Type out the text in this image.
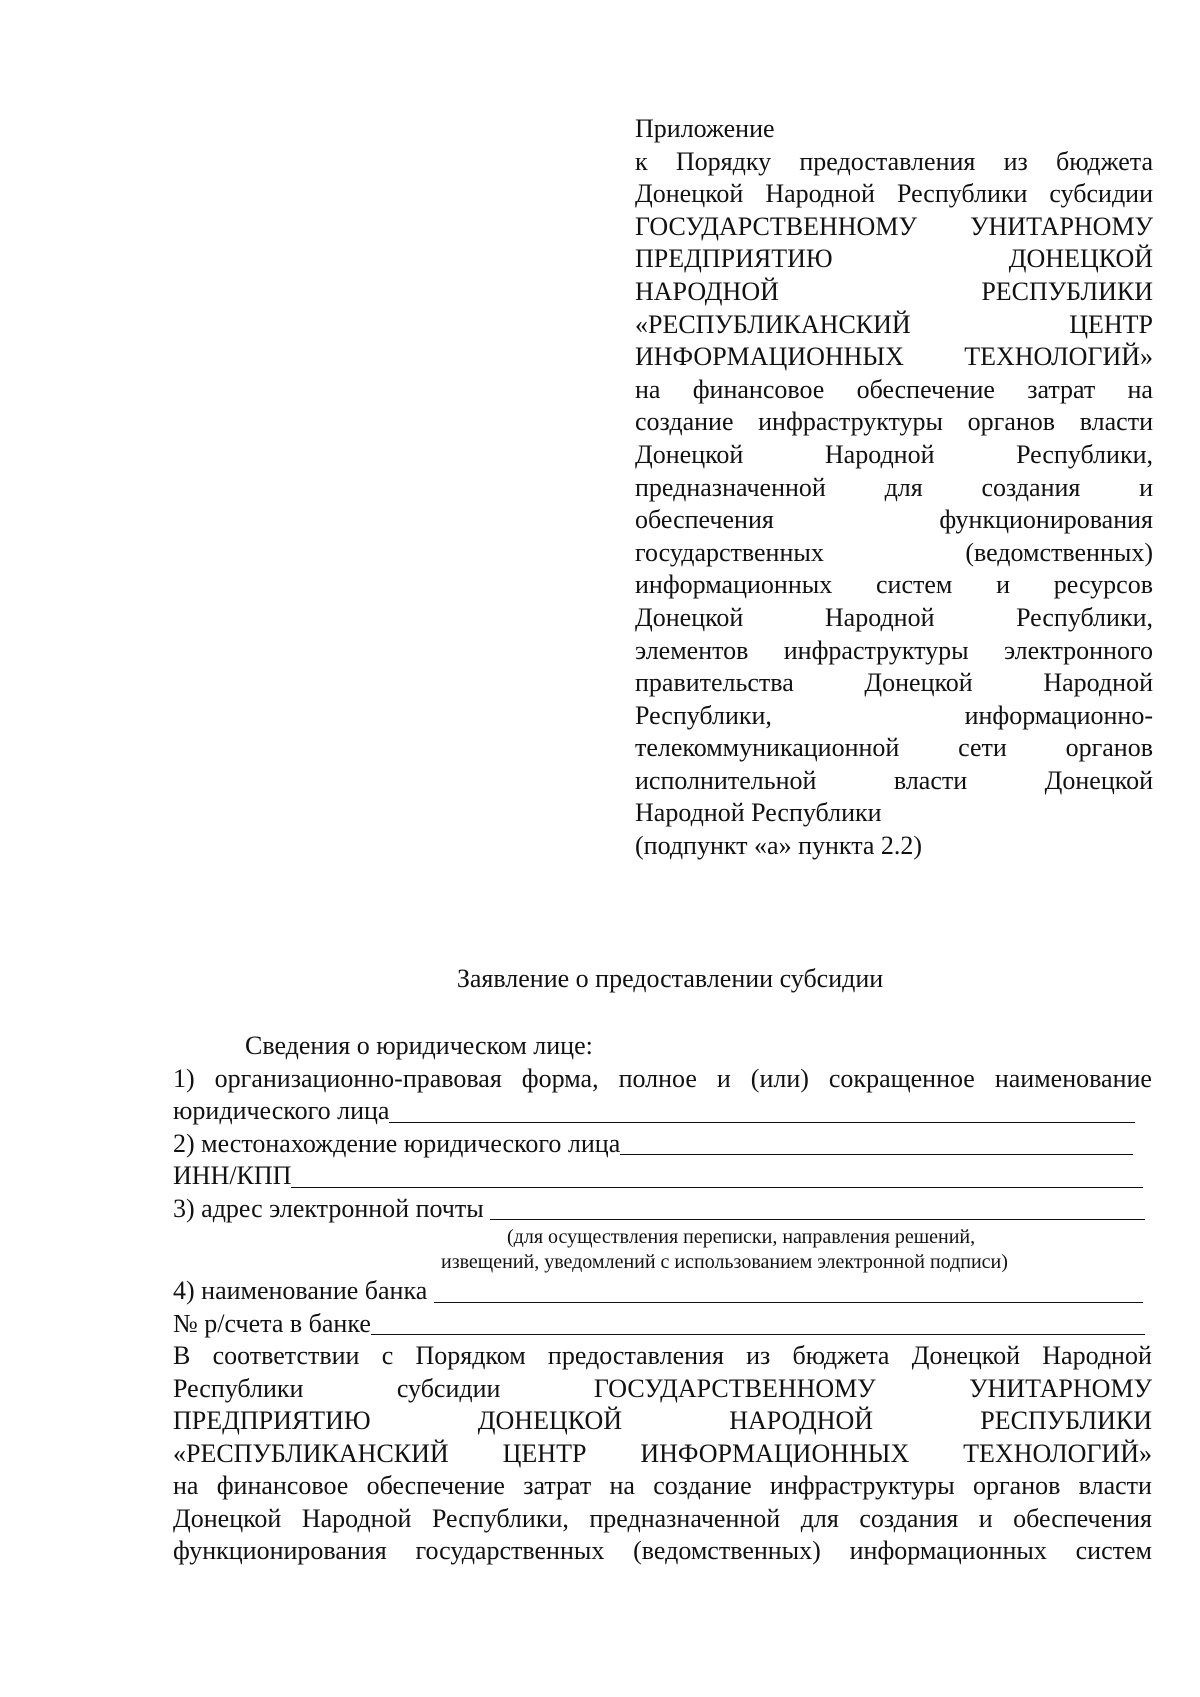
Приложение
к Порядку предоставления из бюджета
Донецкой Народной Республики субсидии
ГОСУДАРСТВЕННОМУ УНИТАРНОМУ
ПРЕДПРИЯТИЮ	ДОНЕЦКОЙ
НАРОДНОЙ	РЕСПУБЛИКИ
«РЕСПУБЛИКАНСКИЙ	ЦЕНТР
ИНФОРМАЦИОННЫХ ТЕХНОЛОГИЙ»
на финансовое обеспечение затрат на
создание инфраструктуры органов власти
Донецкой	Народной	Республики,
предназначенной для создания и
обеспечения	функционирования
государственных	(ведомственных)
информационных систем и ресурсов
Донецкой	Народной	Республики,
элементов инфраструктуры электронного
правительства	Донецкой	Народной
Республики,	информационно-
телекоммуникационной сети органов
исполнительной	власти	Донецкой
Народной Республики
(подпункт «а» пункта 2.2)
Заявление о предоставлении субсидии
Сведения о юридическом лице:
1) организационно-правовая форма, полное и (или) сокращенное наименование
юридического лица
2) местонахождение юридического лица
ИНН/КПП
3) адрес электронной почты
(для осуществления переписки, направления решений,
извещений, уведомлений с использованием электронной подписи)
4) наименование банка
№ р/счета в банке
В соответствии с Порядком предоставления из бюджета Донецкой Народной
Республики	субсидии	ГОСУДАРСТВЕННОМУ	УНИТАРНОМУ
ПРЕДПРИЯТИЮ	ДОНЕЦКОЙ	НАРОДНОЙ	РЕСПУБЛИКИ
«РЕСПУБЛИКАНСКИЙ ЦЕНТР ИНФОРМАЦИОННЫХ ТЕХНОЛОГИЙ»
на финансовое обеспечение затрат на создание инфраструктуры органов власти
Донецкой Народной Республики, предназначенной для создания и обеспечения
функционирования государственных (ведомственных) информационных систем
